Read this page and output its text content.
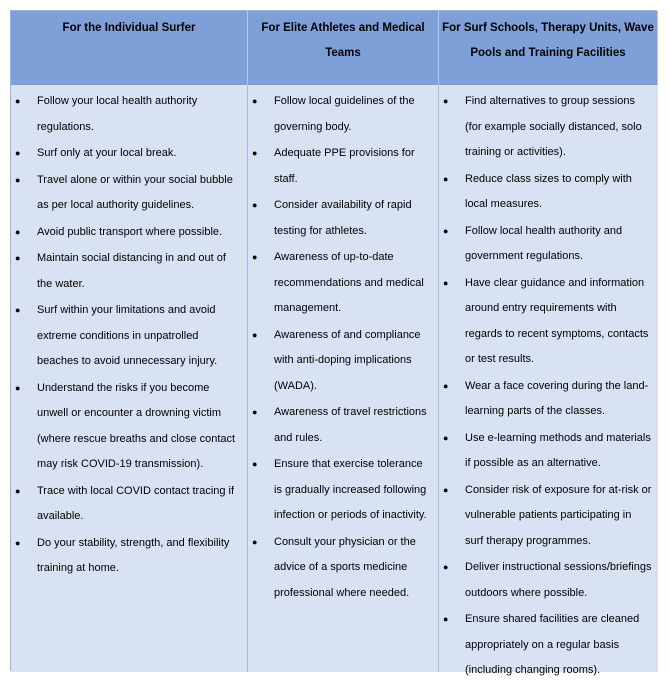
For the Individual Surfer	For Elite Athletes and Medical Teams
For Surf Schools, Therapy Units, Wave Pools and Training Facilities
● Follow your local health authority regulations.
● Surf only at your local break.
● Travel alone or within your social bubble as per local authority guidelines.
● Avoid public transport where possible.
● Maintain social distancing in and out of the water.
● Surf within your limitations and avoid extreme conditions in unpatrolled beaches to avoid unnecessary injury.
● Understand the risks if you become unwell or encounter a drowning victim (where rescue breaths and close contact may risk COVID-19 transmission).
● Trace with local COVID contact tracing if available.
● Do your stability, strength, and flexibility training at home.
● Follow local guidelines of the governing body.
● Adequate PPE provisions for staff.
● Consider availability of rapid testing for athletes.
● Awareness of up-to-date recommendations and medical management.
● Awareness of and compliance with anti-doping implications (WADA).
● Awareness of travel restrictions and rules.
● Ensure that exercise tolerance is gradually increased following infection or periods of inactivity.
● Consult your physician or the advice of a sports medicine professional where needed.
● Find alternatives to group sessions (for example socially distanced, solo training or activities).
● Reduce class sizes to comply with local measures.
● Follow local health authority and government regulations.
● Have clear guidance and information around entry requirements with regards to recent symptoms, contacts or test results.
● Wear a face covering during the land-learning parts of the classes.
● Use e-learning methods and materials if possible as an alternative.
● Consider risk of exposure for at-risk or vulnerable patients participating in surf therapy programmes.
● Deliver instructional sessions/briefings outdoors where possible.
● Ensure shared facilities are cleaned appropriately on a regular basis (including changing rooms).
